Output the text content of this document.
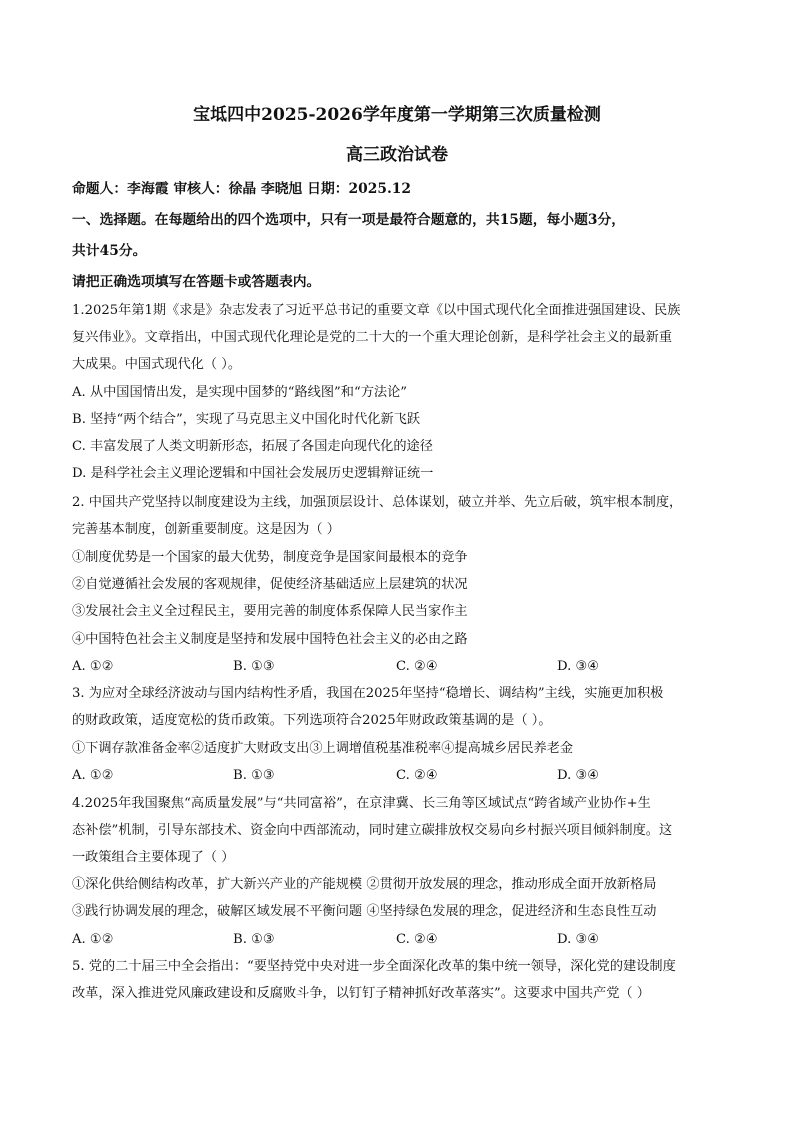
宝坻四中2025-2026学年度第一学期第三次质量检测
高三政治试卷
命题人：李海霞 审核人：徐晶 李晓旭 日期：2025.12
一、选择题。在每题给出的四个选项中，只有一项是最符合题意的，共15题，每小题3分，
共计45分。
请把正确选项填写在答题卡或答题表内。
1.2025年第1期《求是》杂志发表了习近平总书记的重要文章《以中国式现代化全面推进强国建设、民族
复兴伟业》。文章指出，中国式现代化理论是党的二十大的一个重大理论创新，是科学社会主义的最新重
大成果。中国式现代化（ ）。
A. 从中国国情出发，是实现中国梦的“路线图”和“方法论”
B. 坚持“两个结合”，实现了马克思主义中国化时代化新飞跃
C. 丰富发展了人类文明新形态，拓展了各国走向现代化的途径
D. 是科学社会主义理论逻辑和中国社会发展历史逻辑辩证统一
2. 中国共产党坚持以制度建设为主线，加强顶层设计、总体谋划，破立并举、先立后破，筑牢根本制度，
完善基本制度，创新重要制度。这是因为（ ）
①制度优势是一个国家的最大优势，制度竞争是国家间最根本的竞争
②自觉遵循社会发展的客观规律，促使经济基础适应上层建筑的状况
③发展社会主义全过程民主，要用完善的制度体系保障人民当家作主
④中国特色社会主义制度是坚持和发展中国特色社会主义的必由之路
A. ①②	B. ①③	C. ②④	D. ③④
3. 为应对全球经济波动与国内结构性矛盾，我国在2025年坚持“稳增长、调结构”主线，实施更加积极
的财政政策，适度宽松的货币政策。下列选项符合2025年财政政策基调的是（ ）。
①下调存款准备金率②适度扩大财政支出③上调增值税基准税率④提高城乡居民养老金
A. ①②	B. ①③	C. ②④	D. ③④
4.2025年我国聚焦“高质量发展”与“共同富裕”，在京津冀、长三角等区域试点“跨省域产业协作+生
态补偿”机制，引导东部技术、资金向中西部流动，同时建立碳排放权交易向乡村振兴项目倾斜制度。这
一政策组合主要体现了（ ）
①深化供给侧结构改革，扩大新兴产业的产能规模 ②贯彻开放发展的理念，推动形成全面开放新格局
③践行协调发展的理念，破解区域发展不平衡问题 ④坚持绿色发展的理念，促进经济和生态良性互动
A. ①②	B. ①③	C. ②④	D. ③④
5. 党的二十届三中全会指出：“要坚持党中央对进一步全面深化改革的集中统一领导，深化党的建设制度
改革，深入推进党风廉政建设和反腐败斗争，以钉钉子精神抓好改革落实”。这要求中国共产党（ ）
